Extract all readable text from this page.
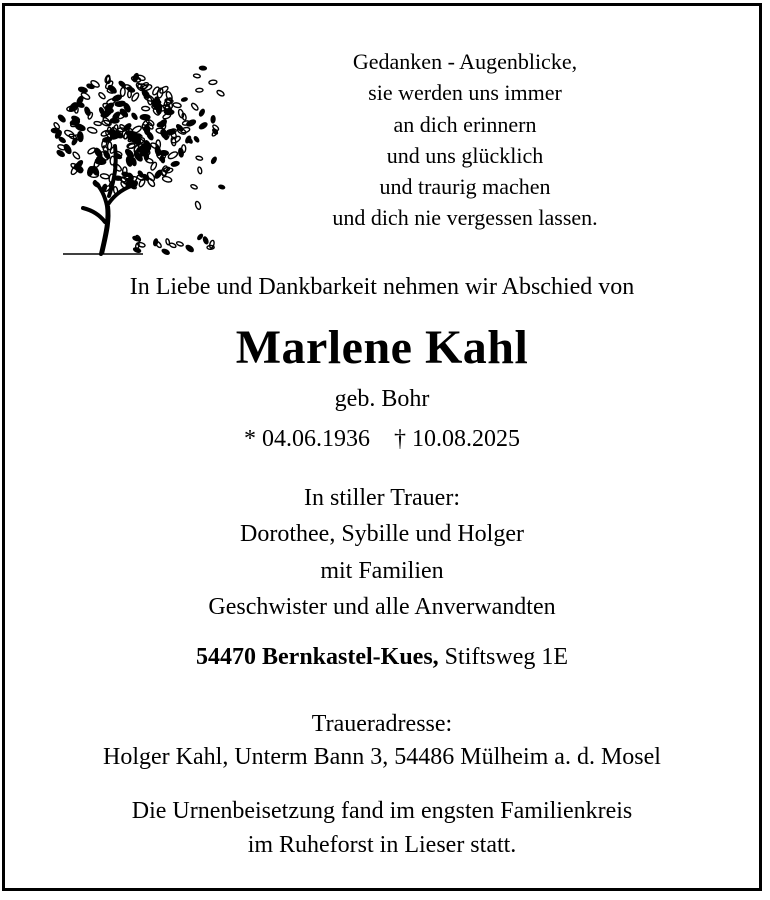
Gedanken - Augenblicke,
sie werden uns immer
an dich erinnern
und uns glücklich
und traurig machen
und dich nie vergessen lassen.
In Liebe und Dankbarkeit nehmen wir Abschied von
Marlene Kahl
geb. Bohr
* 04.06.1936 † 10.08.2025
In stiller Trauer:
Dorothee, Sybille und Holger
mit Familien
Geschwister und alle Anverwandten
54470 Bernkastel-Kues, Stiftsweg 1E
Traueradresse:
Holger Kahl, Unterm Bann 3, 54486 Mülheim a. d. Mosel
Die Urnenbeisetzung fand im engsten Familienkreis
im Ruheforst in Lieser statt.
